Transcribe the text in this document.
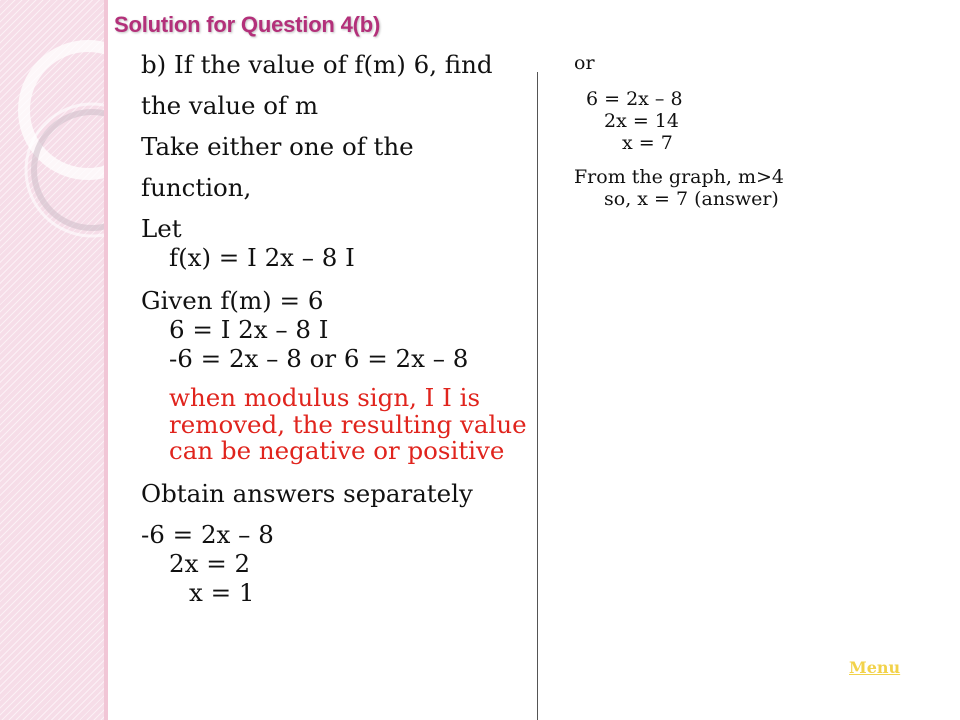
Solution for Question 4(b)
b) If the value of f(m) 6, find
the value of m
Take either one of the
function,
Let
f(x) = I 2x – 8 I
Given f(m) = 6
6 = I 2x – 8 I
-6 = 2x – 8 or 6 = 2x – 8
when modulus sign, I I is removed, the resulting value can be negative or positive
Obtain answers separately
-6 = 2x – 8
2x = 2
x = 1
or
6 = 2x – 8
2x = 14
x = 7
From the graph, m>4
so, x = 7 (answer)
Menu
